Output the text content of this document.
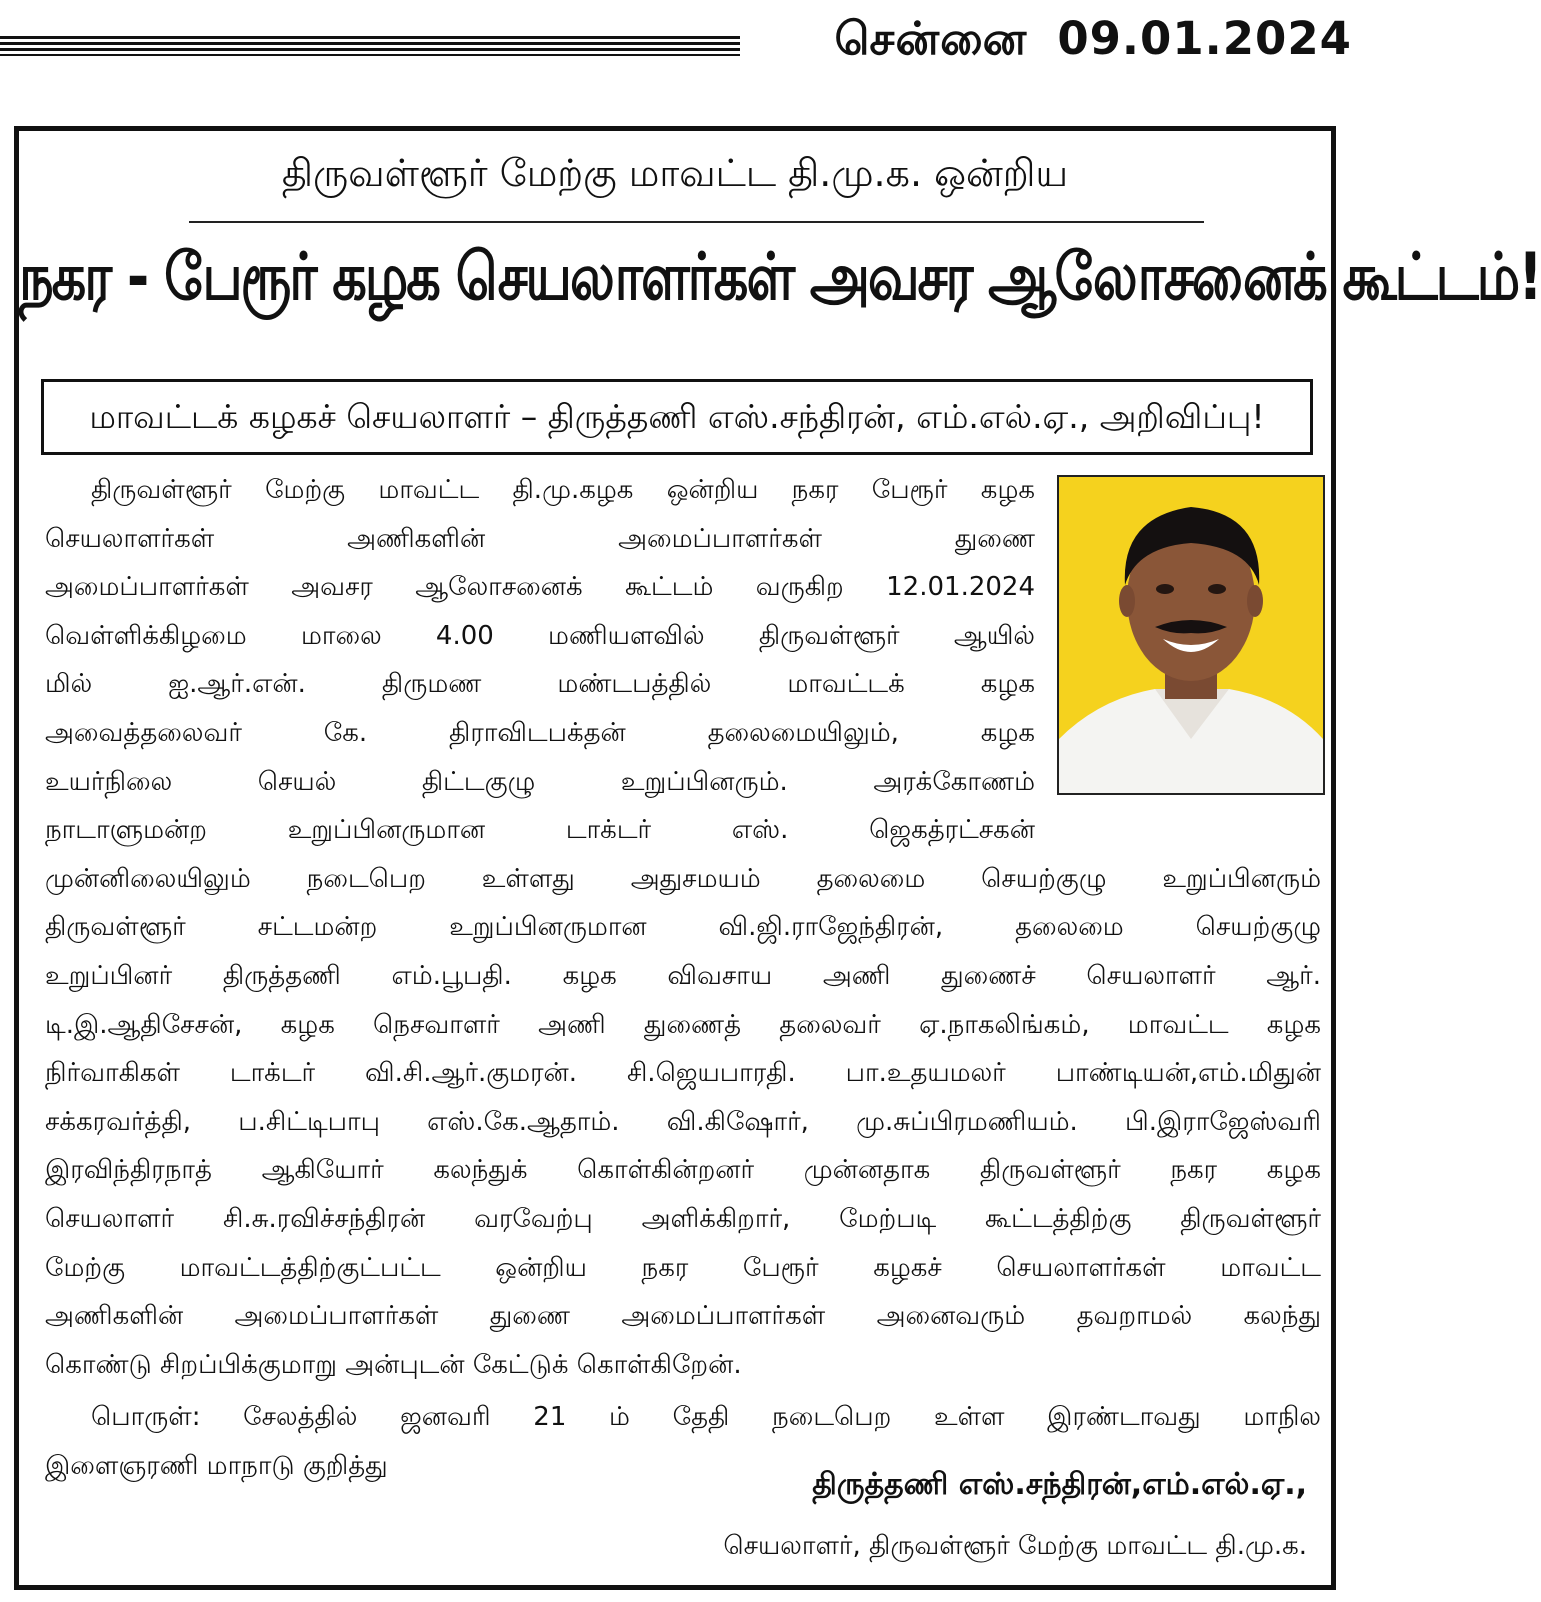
சென்னை 09.01.2024
திருவள்ளூர் மேற்கு மாவட்ட தி.மு.க. ஒன்றிய
நகர - பேரூர் கழக செயலாளர்கள் அவசர ஆலோசனைக் கூட்டம்!
மாவட்டக் கழகச் செயலாளர் – திருத்தணி எஸ்.சந்திரன், எம்.எல்.ஏ., அறிவிப்பு!
திருவள்ளூர் மேற்கு மாவட்ட தி.மு.கழக ஒன்றிய நகர பேரூர் கழக
செயலாளர்கள் அணிகளின் அமைப்பாளர்கள் துணை
அமைப்பாளர்கள் அவசர ஆலோசனைக் கூட்டம் வருகிற 12.01.2024
வெள்ளிக்கிழமை மாலை 4.00 மணியளவில் திருவள்ளூர் ஆயில்
மில் ஐ.ஆர்.என். திருமண மண்டபத்தில் மாவட்டக் கழக
அவைத்தலைவர் கே. திராவிடபக்தன் தலைமையிலும், கழக
உயர்நிலை செயல் திட்டகுழு உறுப்பினரும். அரக்கோணம்
நாடாளுமன்ற உறுப்பினருமான டாக்டர் எஸ். ஜெகத்ரட்சகன்
முன்னிலையிலும் நடைபெற உள்ளது அதுசமயம் தலைமை செயற்குழு உறுப்பினரும்
திருவள்ளூர் சட்டமன்ற உறுப்பினருமான வி.ஜி.ராஜேந்திரன், தலைமை செயற்குழு
உறுப்பினர் திருத்தணி எம்.பூபதி. கழக விவசாய அணி துணைச் செயலாளர் ஆர்.
டி.இ.ஆதிசேசன், கழக நெசவாளர் அணி துணைத் தலைவர் ஏ.நாகலிங்கம், மாவட்ட கழக
நிர்வாகிகள் டாக்டர் வி.சி.ஆர்.குமரன். சி.ஜெயபாரதி. பா.உதயமலர் பாண்டியன்,எம்.மிதுன்
சக்கரவர்த்தி, ப.சிட்டிபாபு எஸ்.கே.ஆதாம். வி.கிஷோர், மு.சுப்பிரமணியம். பி.இராஜேஸ்வரி
இரவிந்திரநாத் ஆகியோர் கலந்துக் கொள்கின்றனர் முன்னதாக திருவள்ளூர் நகர கழக
செயலாளர் சி.சு.ரவிச்சந்திரன் வரவேற்பு அளிக்கிறார், மேற்படி கூட்டத்திற்கு திருவள்ளூர்
மேற்கு மாவட்டத்திற்குட்பட்ட ஒன்றிய நகர பேரூர் கழகச் செயலாளர்கள் மாவட்ட
அணிகளின் அமைப்பாளர்கள் துணை அமைப்பாளர்கள் அனைவரும் தவறாமல் கலந்து
கொண்டு சிறப்பிக்குமாறு அன்புடன் கேட்டுக் கொள்கிறேன்.
பொருள்: சேலத்தில் ஜனவரி 21 ம் தேதி நடைபெற உள்ள இரண்டாவது மாநில
இளைஞரணி மாநாடு குறித்து
திருத்தணி எஸ்.சந்திரன்,எம்.எல்.ஏ.,
செயலாளர், திருவள்ளூர் மேற்கு மாவட்ட தி.மு.க.
